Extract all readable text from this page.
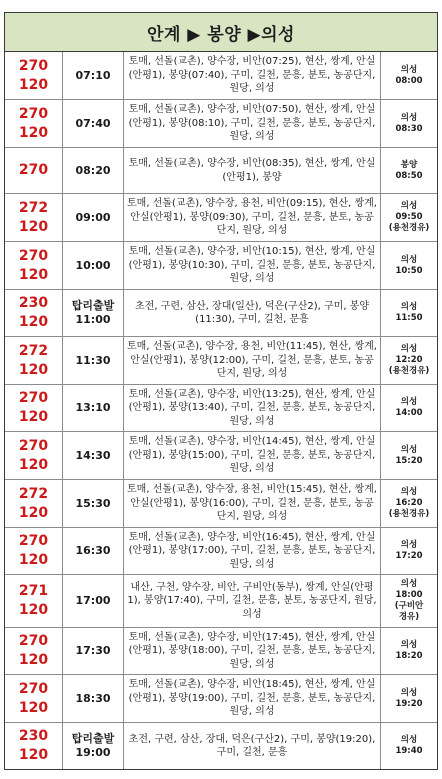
안계 ▶ 봉양 ▶의성
270
120
07:10
토매, 선돌(교촌), 양수장, 비안(07:25), 현산, 쌍계, 안실(안평1), 봉양(07:40), 구미, 길천, 문흥, 분토, 농공단지, 원당, 의성
의성
08:00
270
120
07:40
토매, 선돌(교촌), 양수장, 비안(07:50), 현산, 쌍계, 안실(안평1), 봉양(08:10), 구미, 길천, 문흥, 분토, 농공단지, 원당, 의성
의성
08:30
270 08:20	토매, 선돌(교촌), 양수장, 비안(08:35), 현산, 쌍계, 안실(안평1), 봉양
봉양
08:50
272
120
09:00
토매, 선돌(교촌), 양수장, 용천, 비안(09:15), 현산, 쌍계, 안실(안평1), 봉양(09:30), 구미, 길천, 문흥, 분토, 농공단지, 원당, 의성
의성
09:50
(용천경유)
270
120
10:00
토매, 선돌(교촌), 양수장, 비안(10:15), 현산, 쌍계, 안실(안평1), 봉양(10:30), 구미, 길천, 문흥, 분토, 농공단지, 원당, 의성
의성
10:50
230
120
탑리출발
11:00
초전, 구련, 삼산, 장대(일산), 덕은(구산2), 구미, 봉양(11:30), 구미, 길천, 문흥
의성
11:50
272
120
11:30
토매, 선돌(교촌), 양수장, 용천, 비안(11:45), 현산, 쌍계, 안실(안평1), 봉양(12:00), 구미, 길천, 문흥, 분토, 농공단지, 원당, 의성
의성
12:20
(용천경유)
270
120
13:10
토매, 선돌(교촌), 양수장, 비안(13:25), 현산, 쌍계, 안실(안평1), 봉양(13:40), 구미, 길천, 문흥, 분토, 농공단지, 원당, 의성
의성
14:00
270
120
14:30
토매, 선돌(교촌), 양수장, 비안(14:45), 현산, 쌍계, 안실(안평1), 봉양(15:00), 구미, 길천, 문흥, 분토, 농공단지, 원당, 의성
의성
15:20
272
120
15:30
토매, 선돌(교촌), 양수장, 용천, 비안(15:45), 현산, 쌍계, 안실(안평1), 봉양(16:00), 구미, 길천, 문흥, 분토, 농공단지, 원당, 의성
의성
16:20
(용천경유)
270
120
16:30
토매, 선돌(교촌), 양수장, 비안(16:45), 현산, 쌍계, 안실(안평1), 봉양(17:00), 구미, 길천, 문흥, 분토, 농공단지, 원당, 의성
의성
17:20
271
120
17:00
내산, 구천, 양수장, 비안, 구비안(동부), 쌍계, 안실(안평1), 봉양(17:40), 구미, 길천, 문흥, 분토, 농공단지, 원당, 의성
의성
18:00
(구비안
경유)
270
120
17:30
토매, 선돌(교촌), 양수장, 비안(17:45), 현산, 쌍계, 안실(안평1), 봉양(18:00), 구미, 길천, 문흥, 분토, 농공단지, 원당, 의성
의성
18:20
270
120
18:30
토매, 선돌(교촌), 양수장, 비안(18:45), 현산, 쌍계, 안실(안평1), 봉양(19:00), 구미, 길천, 문흥, 분토, 농공단지, 원당, 의성
의성
19:20
230
120
탑리출발
19:00
초전, 구련, 삼산, 장대, 덕은(구산2), 구미, 봉양(19:20), 구미, 길천, 문흥
의성
19:40
